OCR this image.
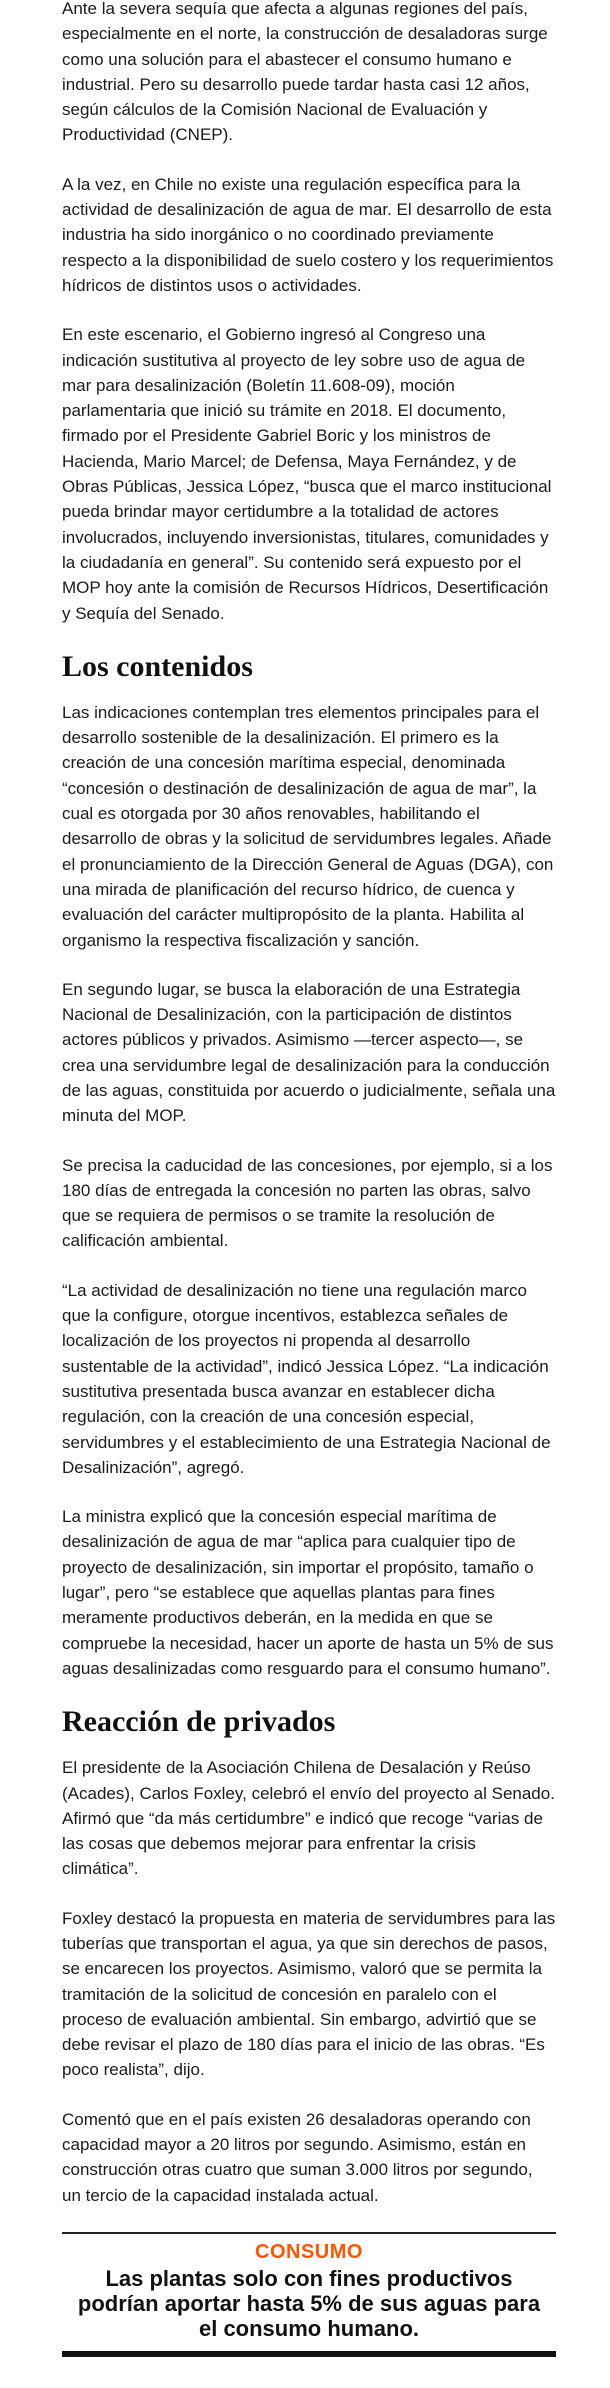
Ante la severa sequía que afecta a algunas regiones del país, especialmente en el norte, la construcción de desaladoras surge como una solución para el abastecer el consumo humano e industrial. Pero su desarrollo puede tardar hasta casi 12 años, según cálculos de la Comisión Nacional de Evaluación y Productividad (CNEP).

A la vez, en Chile no existe una regulación específica para la actividad de desalinización de agua de mar. El desarrollo de esta industria ha sido inorgánico o no coordinado previamente respecto a la disponibilidad de suelo costero y los requerimientos hídricos de distintos usos o actividades.

En este escenario, el Gobierno ingresó al Congreso una indicación sustitutiva al proyecto de ley sobre uso de agua de mar para desalinización (Boletín 11.608-09), moción parlamentaria que inició su trámite en 2018. El documento, firmado por el Presidente Gabriel Boric y los ministros de Hacienda, Mario Marcel; de Defensa, Maya Fernández, y de Obras Públicas, Jessica López, “busca que el marco institucional pueda brindar mayor certidumbre a la totalidad de actores involucrados, incluyendo inversionistas, titulares, comunidades y la ciudadanía en general”. Su contenido será expuesto por el MOP hoy ante la comisión de Recursos Hídricos, Desertificación y Sequía del Senado.

Los contenidos

Las indicaciones contemplan tres elementos principales para el desarrollo sostenible de la desalinización. El primero es la creación de una concesión marítima especial, denominada “concesión o destinación de desalinización de agua de mar”, la cual es otorgada por 30 años renovables, habilitando el desarrollo de obras y la solicitud de servidumbres legales. Añade el pronunciamiento de la Dirección General de Aguas (DGA), con una mirada de planificación del recurso hídrico, de cuenca y evaluación del carácter multipropósito de la planta. Habilita al organismo la respectiva fiscalización y sanción.

En segundo lugar, se busca la elaboración de una Estrategia Nacional de Desalinización, con la participación de distintos actores públicos y privados. Asimismo —tercer aspecto—, se crea una servidumbre legal de desalinización para la conducción de las aguas, constituida por acuerdo o judicialmente, señala una minuta del MOP.

Se precisa la caducidad de las concesiones, por ejemplo, si a los 180 días de entregada la concesión no parten las obras, salvo que se requiera de permisos o se tramite la resolución de calificación ambiental.

“La actividad de desalinización no tiene una regulación marco que la configure, otorgue incentivos, establezca señales de localización de los proyectos ni propenda al desarrollo sustentable de la actividad”, indicó Jessica López. “La indicación sustitutiva presentada busca avanzar en establecer dicha regulación, con la creación de una concesión especial, servidumbres y el establecimiento de una Estrategia Nacional de Desalinización”, agregó.

La ministra explicó que la concesión especial marítima de desalinización de agua de mar “aplica para cualquier tipo de proyecto de desalinización, sin importar el propósito, tamaño o lugar”, pero “se establece que aquellas plantas para fines meramente productivos deberán, en la medida en que se compruebe la necesidad, hacer un aporte de hasta un 5% de sus aguas desalinizadas como resguardo para el consumo humano”.

Reacción de privados

El presidente de la Asociación Chilena de Desalación y Reúso (Acades), Carlos Foxley, celebró el envío del proyecto al Senado. Afirmó que “da más certidumbre” e indicó que recoge “varias de las cosas que debemos mejorar para enfrentar la crisis climática”.

Foxley destacó la propuesta en materia de servidumbres para las tuberías que transportan el agua, ya que sin derechos de pasos, se encarecen los proyectos. Asimismo, valoró que se permita la tramitación de la solicitud de concesión en paralelo con el proceso de evaluación ambiental. Sin embargo, advirtió que se debe revisar el plazo de 180 días para el inicio de las obras. “Es poco realista”, dijo.

Comentó que en el país existen 26 desaladoras operando con capacidad mayor a 20 litros por segundo. Asimismo, están en construcción otras cuatro que suman 3.000 litros por segundo, un tercio de la capacidad instalada actual.

CONSUMO
Las plantas solo con fines productivos podrían aportar hasta 5% de sus aguas para el consumo humano.
